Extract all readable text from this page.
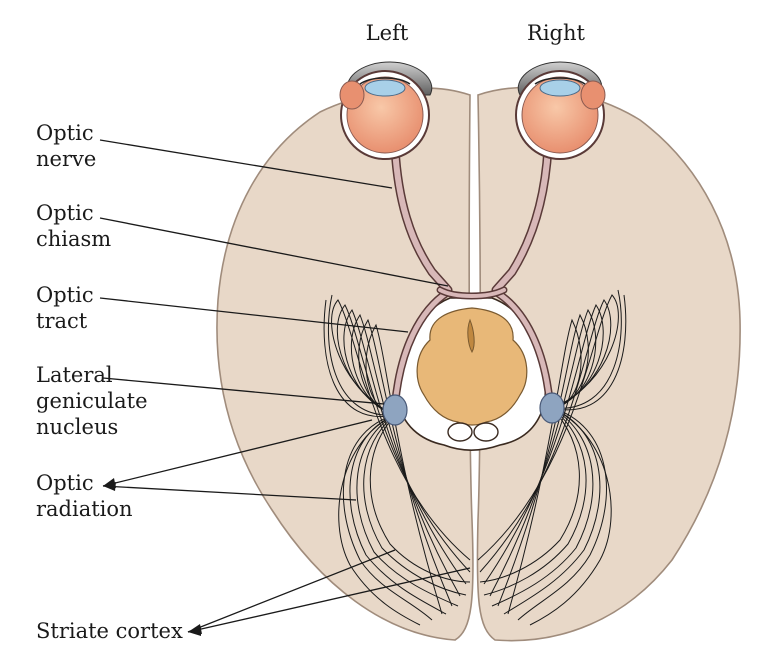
Left	Right
Optic
nerve
Optic
chiasm
Optic
tract
Lateral
geniculate
nucleus
Optic
radiation
Striate cortex
